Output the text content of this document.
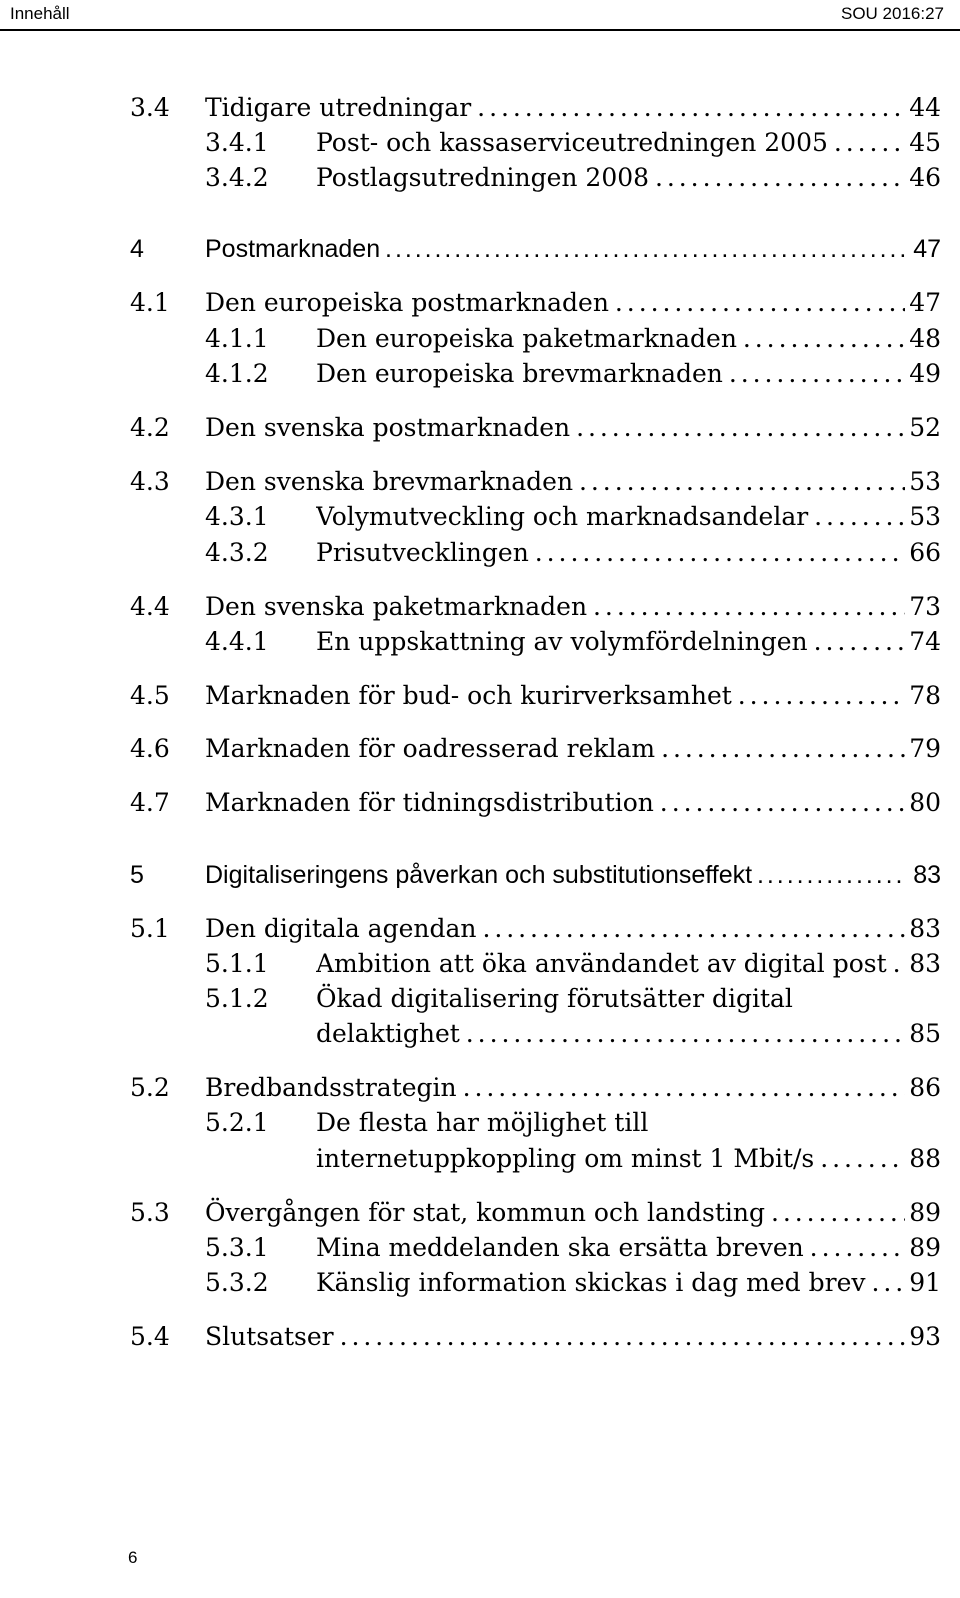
Innehåll	SOU 2016:27
3.4 Tidigare utredningar . . .	44
3.4.1 Post- och kassaserviceutredningen 2005 . . .	45
3.4.2 Postlagsutredningen 2008 . . .	46
4 Postmarknaden . . .	47
4.1 Den europeiska postmarknaden . . .	47
4.1.1 Den europeiska paketmarknaden . . .	48
4.1.2 Den europeiska brevmarknaden . . .	49
4.2 Den svenska postmarknaden . . .	52
4.3 Den svenska brevmarknaden . . .	53
4.3.1 Volymutveckling och marknadsandelar . . .	53
4.3.2 Prisutvecklingen . . .	66
4.4 Den svenska paketmarknaden . . .	73
4.4.1 En uppskattning av volymfördelningen . . .	74
4.5 Marknaden för bud- och kurirverksamhet . . .	78
4.6 Marknaden för oadresserad reklam . . .	79
4.7 Marknaden för tidningsdistribution . . .	80
5 Digitaliseringens påverkan och substitutionseffekt . . .	83
5.1 Den digitala agendan . . .	83
5.1.1 Ambition att öka användandet av digital post . . . 83
5.1.2 Ökad digitalisering förutsätter digital
delaktighet . . .	85
5.2 Bredbandsstrategin . . .	86
5.2.1 De flesta har möjlighet till
internetuppkoppling om minst 1 Mbit/s . . .	88
5.3 Övergången för stat, kommun och landsting . . .	89
5.3.1 Mina meddelanden ska ersätta breven . . .	89
5.3.2 Känslig information skickas i dag med brev . . .	91
5.4 Slutsatser . . .	93
6
